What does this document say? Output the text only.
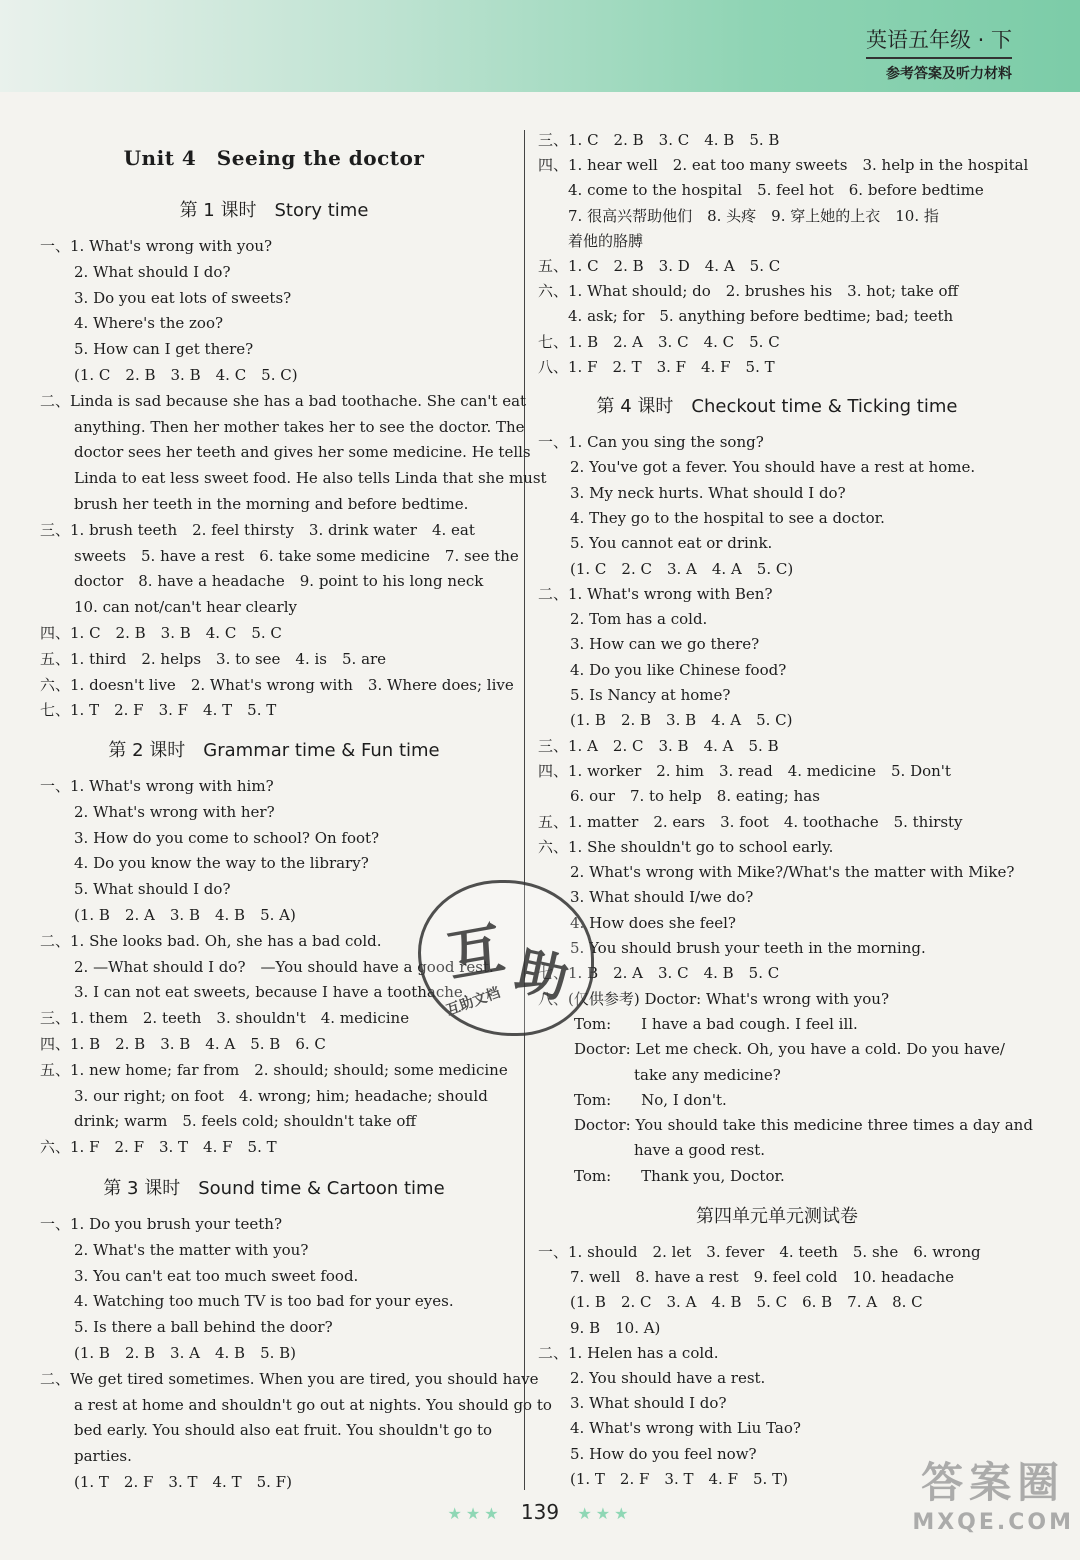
英语五年级 · 下
参考答案及听力材料
Unit 4　Seeing the doctor
第 1 课时　Story time
第 2 课时　Grammar time & Fun time
第 3 课时　Sound time & Cartoon time
一、1. What's wrong with you?
2. What should I do?
3. Do you eat lots of sweets?
4. Where's the zoo?
5. How can I get there?
(1. C　2. B　3. B　4. C　5. C)
二、Linda is sad because she has a bad toothache. She can't eat
anything. Then her mother takes her to see the doctor. The
doctor sees her teeth and gives her some medicine. He tells
Linda to eat less sweet food. He also tells Linda that she must
brush her teeth in the morning and before bedtime.
三、1. brush teeth　2. feel thirsty　3. drink water　4. eat
sweets　5. have a rest　6. take some medicine　7. see the
doctor　8. have a headache　9. point to his long neck
10. can not/can't hear clearly
四、1. C　2. B　3. B　4. C　5. C
五、1. third　2. helps　3. to see　4. is　5. are
六、1. doesn't live　2. What's wrong with　3. Where does; live
七、1. T　2. F　3. F　4. T　5. T
一、1. What's wrong with him?
2. What's wrong with her?
3. How do you come to school? On foot?
4. Do you know the way to the library?
5. What should I do?
(1. B　2. A　3. B　4. B　5. A)
二、1. She looks bad. Oh, she has a bad cold.
2. —What should I do?　—You should have a good rest.
3. I can not eat sweets, because I have a toothache.
三、1. them　2. teeth　3. shouldn't　4. medicine
四、1. B　2. B　3. B　4. A　5. B　6. C
五、1. new home; far from　2. should; should; some medicine
3. our right; on foot　4. wrong; him; headache; should
drink; warm　5. feels cold; shouldn't take off
六、1. F　2. F　3. T　4. F　5. T
一、1. Do you brush your teeth?
2. What's the matter with you?
3. You can't eat too much sweet food.
4. Watching too much TV is too bad for your eyes.
5. Is there a ball behind the door?
(1. B　2. B　3. A　4. B　5. B)
二、We get tired sometimes. When you are tired, you should have
a rest at home and shouldn't go out at nights. You should go to
bed early. You should also eat fruit. You shouldn't go to
parties.
(1. T　2. F　3. T　4. T　5. F)
第 4 课时　Checkout time & Ticking time
第四单元单元测试卷
三、1. C　2. B　3. C　4. B　5. B
四、1. hear well　2. eat too many sweets　3. help in the hospital
4. come to the hospital　5. feel hot　6. before bedtime
7. 很高兴帮助他们　8. 头疼　9. 穿上她的上衣　10. 指
着他的胳膊
五、1. C　2. B　3. D　4. A　5. C
六、1. What should; do　2. brushes his　3. hot; take off
4. ask; for　5. anything before bedtime; bad; teeth
七、1. B　2. A　3. C　4. C　5. C
八、1. F　2. T　3. F　4. F　5. T
一、1. Can you sing the song?
2. You've got a fever. You should have a rest at home.
3. My neck hurts. What should I do?
4. They go to the hospital to see a doctor.
5. You cannot eat or drink.
(1. C　2. C　3. A　4. A　5. C)
二、1. What's wrong with Ben?
2. Tom has a cold.
3. How can we go there?
4. Do you like Chinese food?
5. Is Nancy at home?
(1. B　2. B　3. B　4. A　5. C)
三、1. A　2. C　3. B　4. A　5. B
四、1. worker　2. him　3. read　4. medicine　5. Don't
6. our　7. to help　8. eating; has
五、1. matter　2. ears　3. foot　4. toothache　5. thirsty
六、1. She shouldn't go to school early.
2. What's wrong with Mike?/What's the matter with Mike?
3. What should I/we do?
4. How does she feel?
5. You should brush your teeth in the morning.
七、1. B　2. A　3. C　4. B　5. C
八、(仅供参考) Doctor: What's wrong with you?
Tom:　　I have a bad cough. I feel ill.
Doctor: Let me check. Oh, you have a cold. Do you have/
　　　　take any medicine?
Tom:　　No, I don't.
Doctor: You should take this medicine three times a day and
　　　　have a good rest.
Tom:　　Thank you, Doctor.
一、1. should　2. let　3. fever　4. teeth　5. she　6. wrong
7. well　8. have a rest　9. feel cold　10. headache
(1. B　2. C　3. A　4. B　5. C　6. B　7. A　8. C
9. B　10. A)
二、1. Helen has a cold.
2. You should have a rest.
3. What should I do?
4. What's wrong with Liu Tao?
5. How do you feel now?
(1. T　2. F　3. T　4. F　5. T)
互 助
互助文档
★★★ 139 ★★★
答案圈
MXQE.COM
